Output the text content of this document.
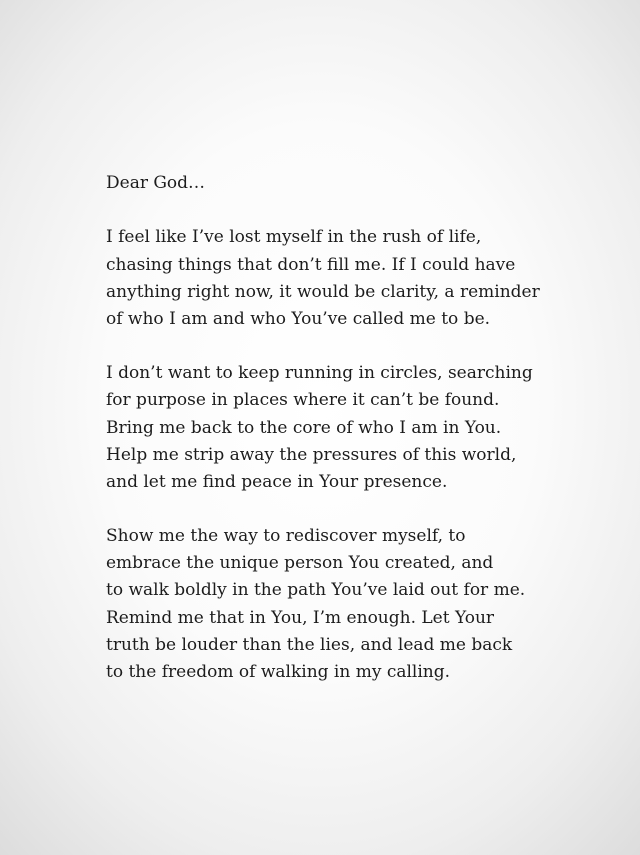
Dear God…
I feel like I’ve lost myself in the rush of life,
chasing things that don’t fill me. If I could have
anything right now, it would be clarity, a reminder
of who I am and who You’ve called me to be.
I don’t want to keep running in circles, searching
for purpose in places where it can’t be found.
Bring me back to the core of who I am in You.
Help me strip away the pressures of this world,
and let me find peace in Your presence.
Show me the way to rediscover myself, to
embrace the unique person You created, and
to walk boldly in the path You’ve laid out for me.
Remind me that in You, I’m enough. Let Your
truth be louder than the lies, and lead me back
to the freedom of walking in my calling.
